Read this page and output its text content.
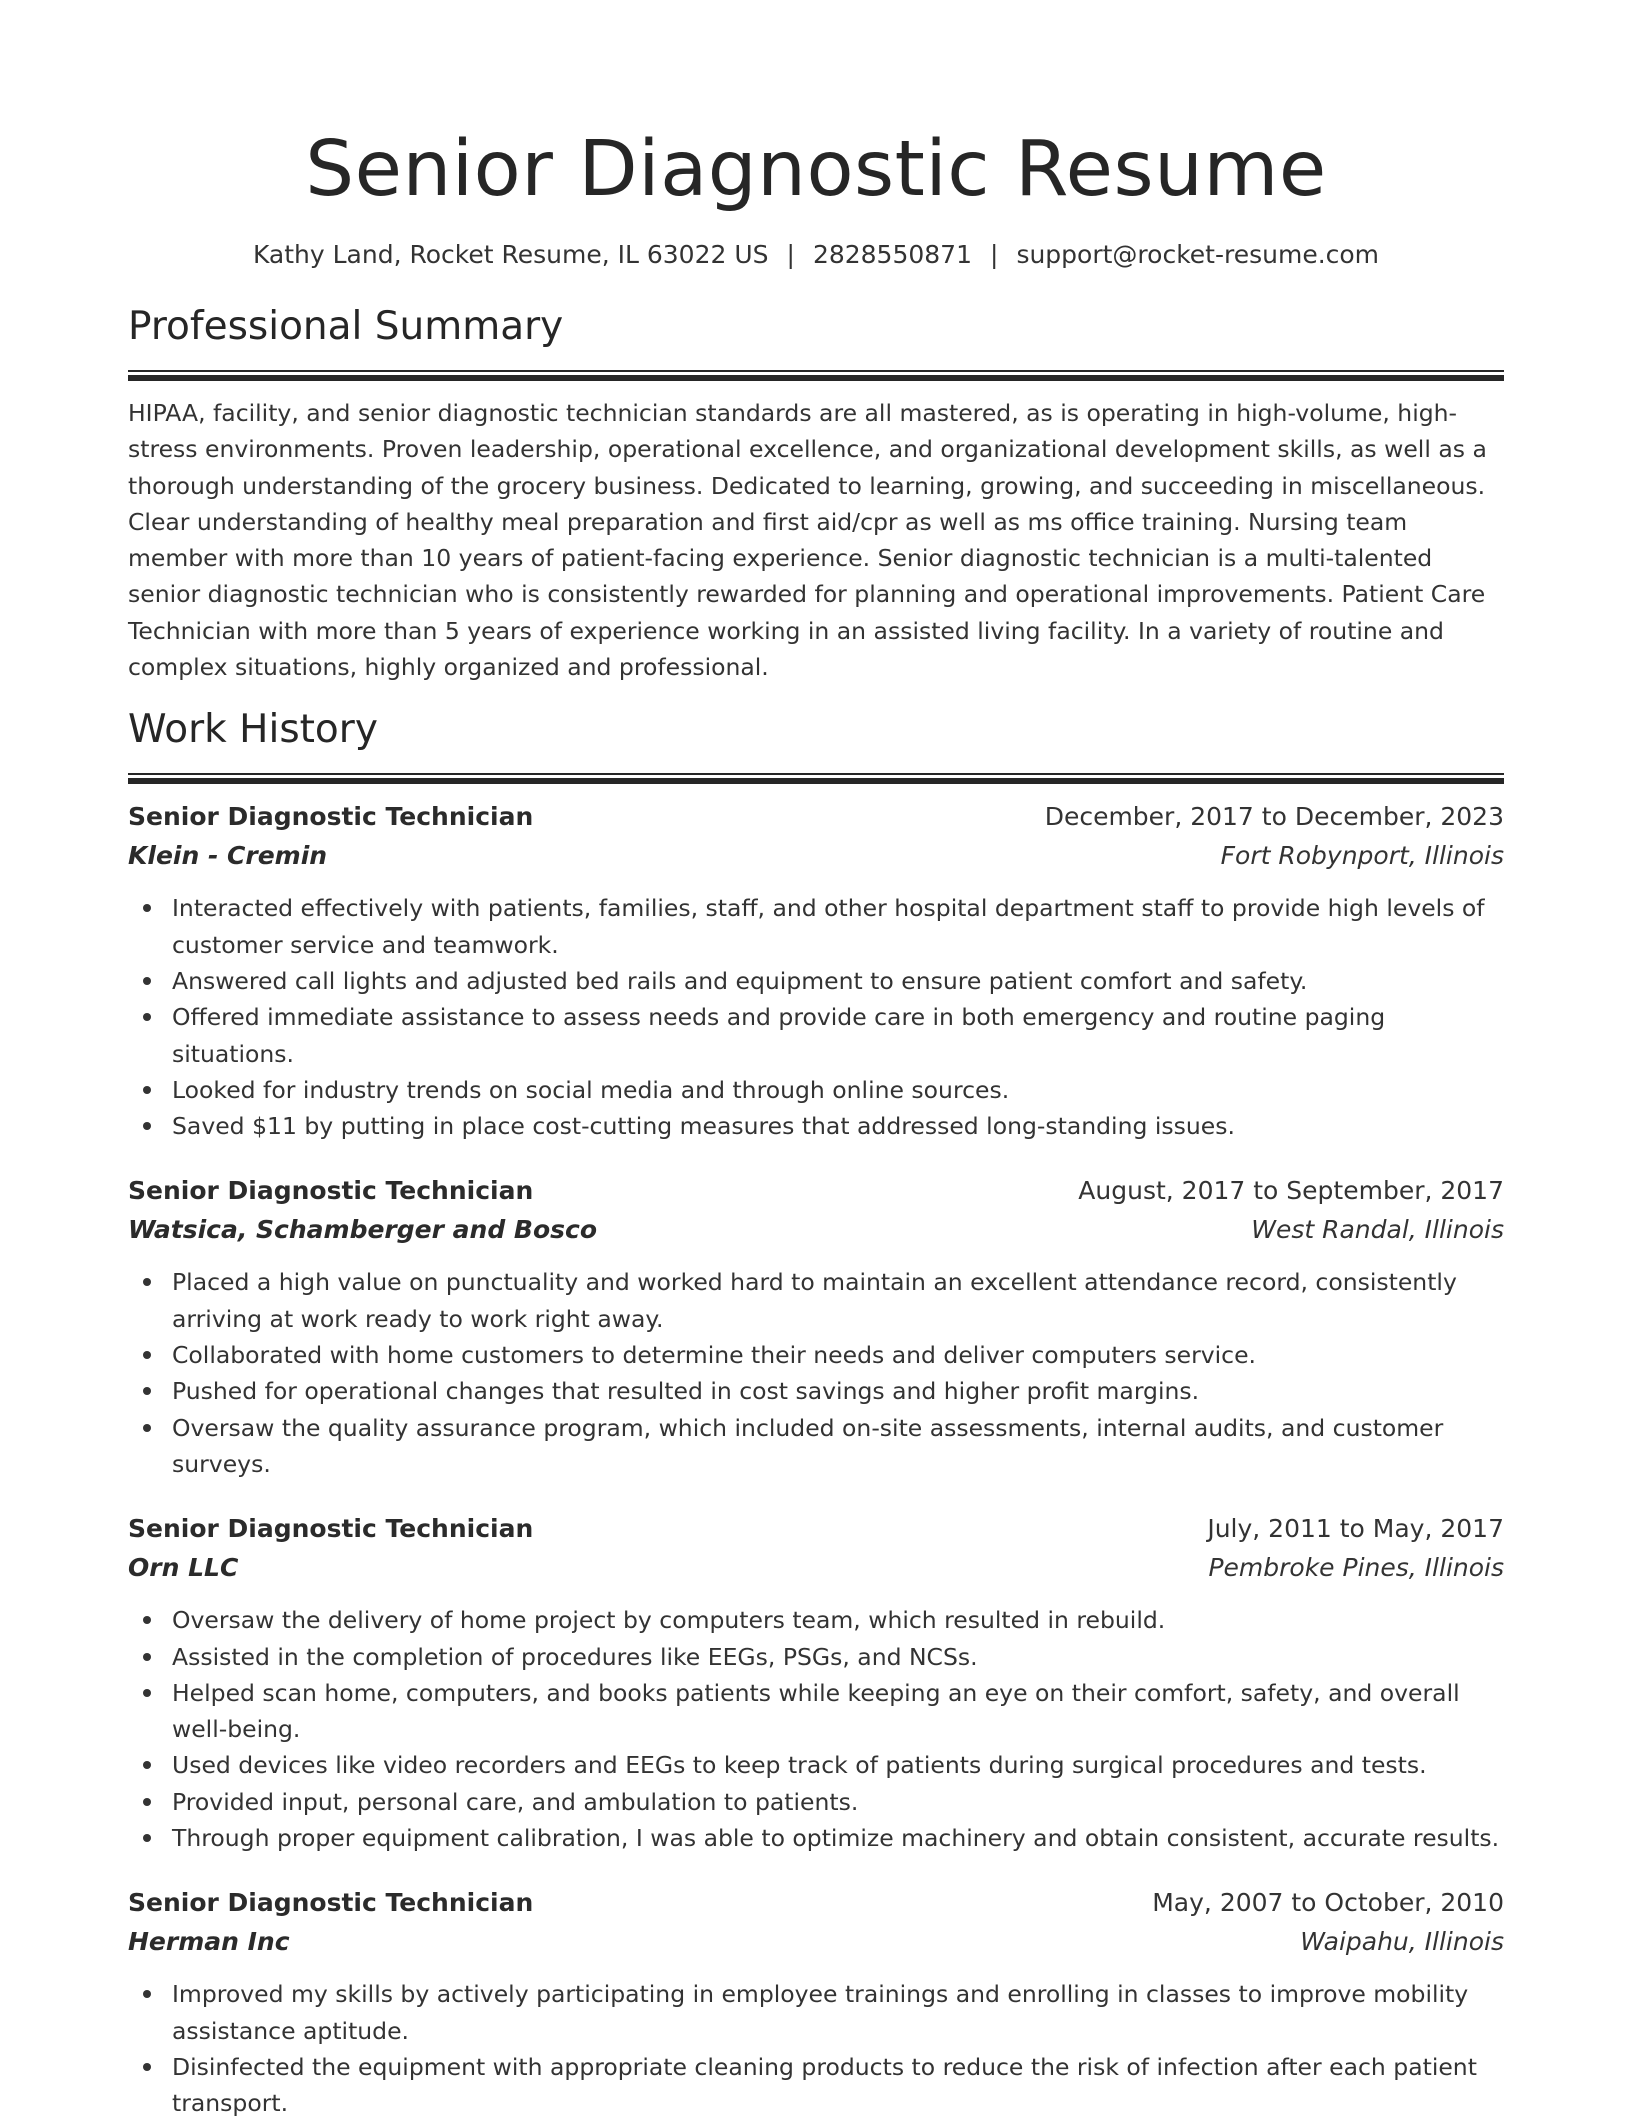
Senior Diagnostic Resume
Kathy Land, Rocket Resume, IL 63022 US | 2828550871 | support@rocket-resume.com
Professional Summary

HIPAA, facility, and senior diagnostic technician standards are all mastered, as is operating in high-volume, high-stress environments. Proven leadership, operational excellence, and organizational development skills, as well as a thorough understanding of the grocery business. Dedicated to learning, growing, and succeeding in miscellaneous. Clear understanding of healthy meal preparation and first aid/cpr as well as ms office training. Nursing team member with more than 10 years of patient-facing experience. Senior diagnostic technician is a multi-talented senior diagnostic technician who is consistently rewarded for planning and operational improvements. Patient Care Technician with more than 5 years of experience working in an assisted living facility. In a variety of routine and complex situations, highly organized and professional.

Work History
Senior Diagnostic Technician	December, 2017 to December, 2023
Klein - Cremin	Fort Robynport, Illinois
Interacted effectively with patients, families, staff, and other hospital department staff to provide high levels of customer service and teamwork.
Answered call lights and adjusted bed rails and equipment to ensure patient comfort and safety.
Offered immediate assistance to assess needs and provide care in both emergency and routine paging situations.
Looked for industry trends on social media and through online sources.
Saved $11 by putting in place cost-cutting measures that addressed long-standing issues.
Senior Diagnostic Technician	August, 2017 to September, 2017
Watsica, Schamberger and Bosco	West Randal, Illinois
Placed a high value on punctuality and worked hard to maintain an excellent attendance record, consistently arriving at work ready to work right away.
Collaborated with home customers to determine their needs and deliver computers service.
Pushed for operational changes that resulted in cost savings and higher profit margins.
Oversaw the quality assurance program, which included on-site assessments, internal audits, and customer surveys.
Senior Diagnostic Technician	July, 2011 to May, 2017
Orn LLC	Pembroke Pines, Illinois
Oversaw the delivery of home project by computers team, which resulted in rebuild.
Assisted in the completion of procedures like EEGs, PSGs, and NCSs.
Helped scan home, computers, and books patients while keeping an eye on their comfort, safety, and overall well-being.
Used devices like video recorders and EEGs to keep track of patients during surgical procedures and tests.
Provided input, personal care, and ambulation to patients.
Through proper equipment calibration, I was able to optimize machinery and obtain consistent, accurate results.
Senior Diagnostic Technician	May, 2007 to October, 2010
Herman Inc	Waipahu, Illinois
Improved my skills by actively participating in employee trainings and enrolling in classes to improve mobility assistance aptitude.
Disinfected the equipment with appropriate cleaning products to reduce the risk of infection after each patient transport.
